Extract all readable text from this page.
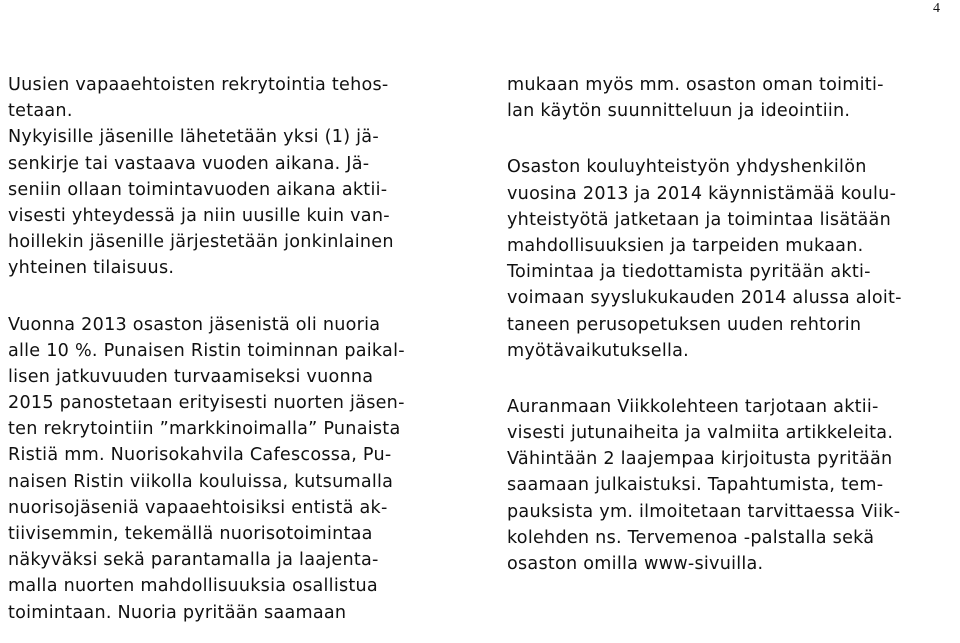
4
Uusien vapaaehtoisten rekrytointia tehos-
tetaan.
Nykyisille jäsenille lähetetään yksi (1) jä-
senkirje tai vastaava vuoden aikana. Jä-
seniin ollaan toimintavuoden aikana aktii-
visesti yhteydessä ja niin uusille kuin van-
hoillekin jäsenille järjestetään jonkinlainen
yhteinen tilaisuus.
Vuonna 2013 osaston jäsenistä oli nuoria
alle 10 %. Punaisen Ristin toiminnan paikal-
lisen jatkuvuuden turvaamiseksi vuonna
2015 panostetaan erityisesti nuorten jäsen-
ten rekrytointiin ”markkinoimalla” Punaista
Ristiä mm. Nuorisokahvila Cafescossa, Pu-
naisen Ristin viikolla kouluissa, kutsumalla
nuorisojäseniä vapaaehtoisiksi entistä ak-
tiivisemmin, tekemällä nuorisotoimintaa
näkyväksi sekä parantamalla ja laajenta-
malla nuorten mahdollisuuksia osallistua
toimintaan. Nuoria pyritään saamaan
mukaan myös mm. osaston oman toimiti-
lan käytön suunnitteluun ja ideointiin.
Osaston kouluyhteistyön yhdyshenkilön
vuosina 2013 ja 2014 käynnistämää koulu-
yhteistyötä jatketaan ja toimintaa lisätään
mahdollisuuksien ja tarpeiden mukaan.
Toimintaa ja tiedottamista pyritään akti-
voimaan syyslukukauden 2014 alussa aloit-
taneen perusopetuksen uuden rehtorin
myötävaikutuksella.
Auranmaan Viikkolehteen tarjotaan aktii-
visesti jutunaiheita ja valmiita artikkeleita.
Vähintään 2 laajempaa kirjoitusta pyritään
saamaan julkaistuksi. Tapahtumista, tem-
pauksista ym. ilmoitetaan tarvittaessa Viik-
kolehden ns. Tervemenoa -palstalla sekä
osaston omilla www-sivuilla.
